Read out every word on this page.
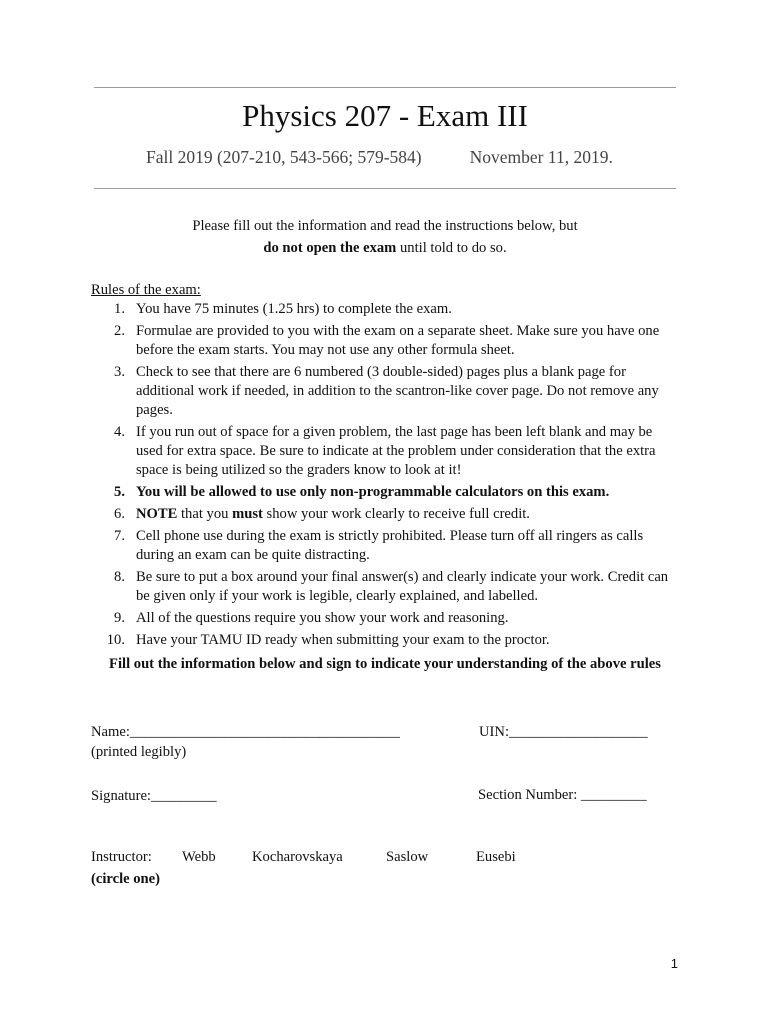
Physics 207 - Exam III
Fall 2019 (207-210, 543-566; 579-584)	November 11, 2019.
Please fill out the information and read the instructions below, but
do not open the exam until told to do so.
Rules of the exam:
1. You have 75 minutes (1.25 hrs) to complete the exam.
2. Formulae are provided to you with the exam on a separate sheet. Make sure you have one before the exam starts. You may not use any other formula sheet.
3. Check to see that there are 6 numbered (3 double-sided) pages plus a blank page for additional work if needed, in addition to the scantron-like cover page. Do not remove any pages.
4. If you run out of space for a given problem, the last page has been left blank and may be used for extra space. Be sure to indicate at the problem under consideration that the extra space is being utilized so the graders know to look at it!
5. You will be allowed to use only non-programmable calculators on this exam.
6. NOTE that you must show your work clearly to receive full credit.
7. Cell phone use during the exam is strictly prohibited. Please turn off all ringers as calls during an exam can be quite distracting.
8. Be sure to put a box around your final answer(s) and clearly indicate your work. Credit can be given only if your work is legible, clearly explained, and labelled.
9. All of the questions require you show your work and reasoning.
10. Have your TAMU ID ready when submitting your exam to the proctor.
Fill out the information below and sign to indicate your understanding of the above rules
Name:_____________________________________
(printed legibly)
UIN:___________________
Signature:_________	Section Number: _________
Instructor: Webb Kocharovskaya	Saslow	Eusebi
(circle one)
1
